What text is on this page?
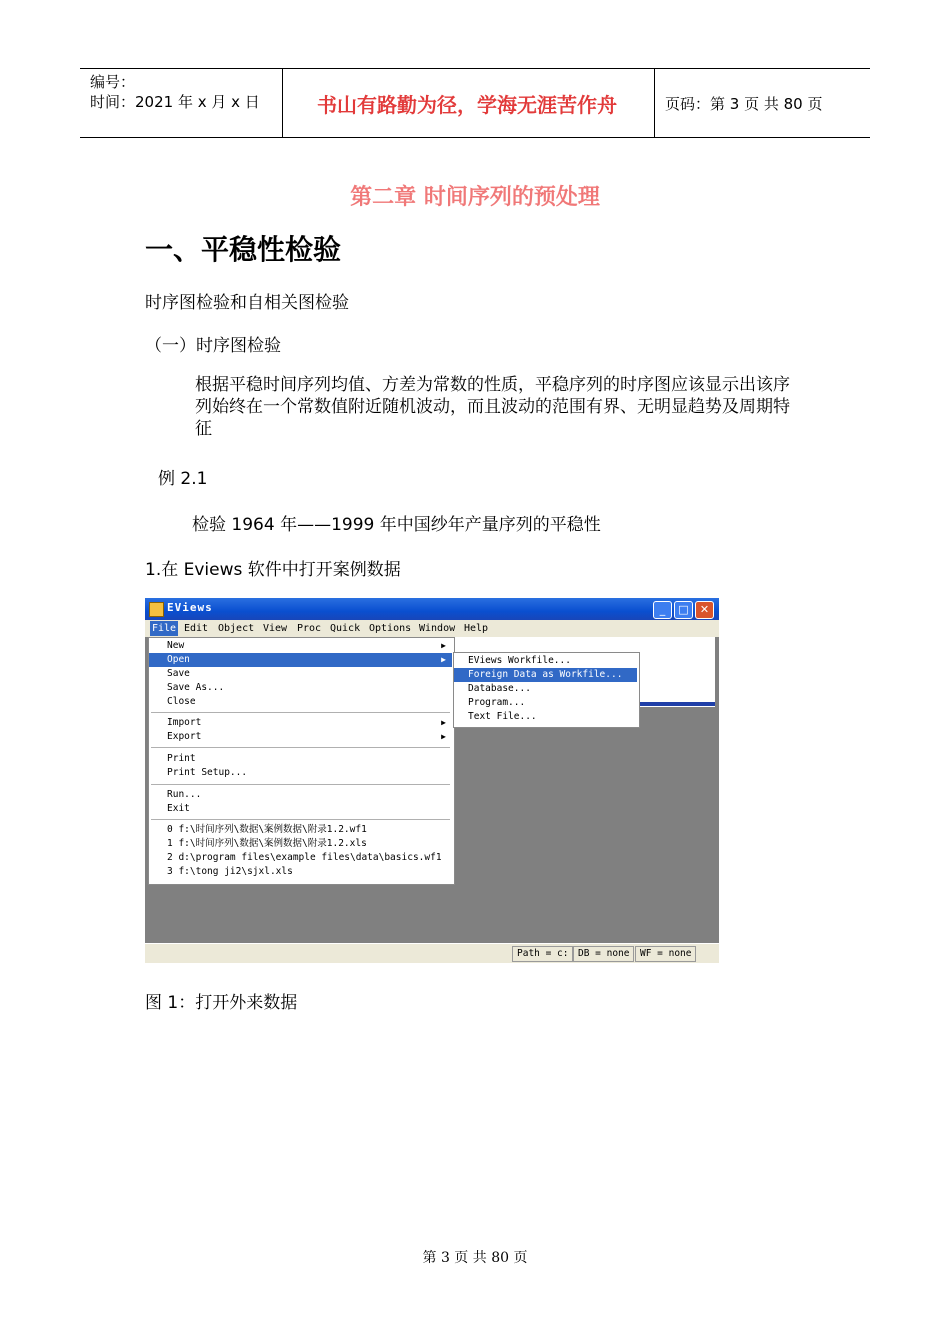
编号：
时间：2021 年 x 月 x 日	书山有路勤为径，学海无涯苦作舟	页码：第 3 页 共 80 页
第二章 时间序列的预处理
一、平稳性检验
时序图检验和自相关图检验
（一）时序图检验
根据平稳时间序列均值、方差为常数的性质，平稳序列的时序图应该显示出该序列始终在一个常数值附近随机波动，而且波动的范围有界、无明显趋势及周期特征
例 2.1
检验 1964 年——1999 年中国纱年产量序列的平稳性
1.在 Eviews 软件中打开案例数据
EViews	_	□	✕
File Edit Object View Proc Quick Options Window Help
New	▶
Open	▶
Save
Save As...
Close
Import	▶
Export	▶
Print
Print Setup...
Run...
Exit
0 f:\时间序列\数据\案例数据\附录1.2.wf1
1 f:\时间序列\数据\案例数据\附录1.2.xls
2 d:\program files\example files\data\basics.wf1
3 f:\tong ji2\sjxl.xls
EViews Workfile...
Foreign Data as Workfile...
Database...
Program...
Text File...
Path = c:	DB = none	WF = none
图 1：打开外来数据
第 3 页 共 80 页
